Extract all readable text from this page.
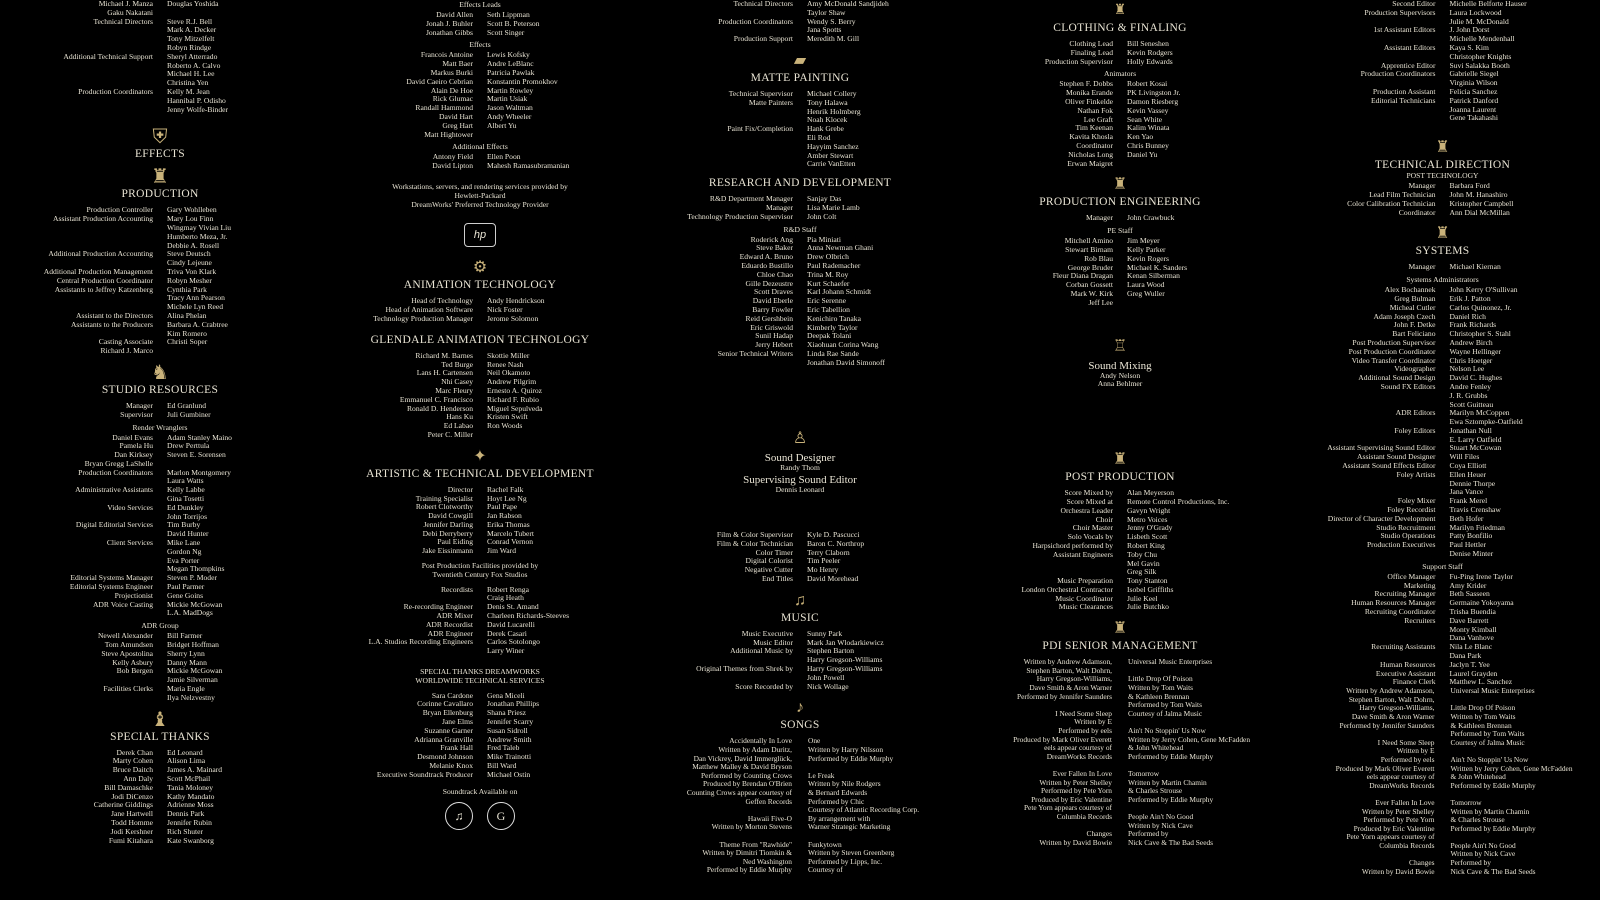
Michael J. Manza	Douglas Yoshida
Gaku Nakatani
Technical Directors	Steve R.J. Bell
Mark A. Decker
Tony Mitzelfelt
Robyn Rindge
Additional Technical Support	Sheryl Atterrado
Roberto A. Calvo
Michael H. Lee
Christina Yen
Production Coordinators	Kelly M. Jean
Hannibal P. Odisho
Jenny Wolfe-Binder
⛨
EFFECTS
♜
PRODUCTION
Production Controller	Gary Wohlleben
Assistant Production Accounting	Mary Lou Finn
Wingmay Vivian Liu
Humberto Meza, Jr.
Debbie A. Rosell
Additional Production Accounting	Steve Deutsch
Cindy Lejeune
Additional Production Management	Triva Von Klark
Central Production Coordinator	Robyn Mesher
Assistants to Jeffrey Katzenberg	Cynthia Park
Tracy Ann Pearson
Michele Lyn Reed
Assistant to the Directors	Alina Phelan
Assistants to the Producers	Barbara A. Crabtree
Kim Romero
Casting Associate	Christi Soper
Richard J. Marco
♞
STUDIO RESOURCES
Manager	Ed Granlund
Supervisor	Juli Gumbiner
Render Wranglers
Daniel Evans	Adam Stanley Maino
Pamela Hu	Drew Perttula
Dan Kirksey	Steven E. Sorensen
Bryan Gregg LaShelle
Production Coordinators	Marlon Montgomery
Laura Watts
Administrative Assistants	Kelly Labbe
Gina Tosetti
Video Services	Ed Dunkley
John Torrijos
Digital Editorial Services	Tim Burby
David Hunter
Client Services	Mike Lane
Gordon Ng
Eva Porter
Megan Thompkins
Editorial Systems Manager	Steven P. Moder
Editorial Systems Engineer	Paul Parmer
Projectionist	Gene Goins
ADR Voice Casting	Mickie McGowan
L.A. MadDogs
ADR Group
Newell Alexander	Bill Farmer
Tom Amundsen	Bridget Hoffman
Steve Apostolina	Sherry Lynn
Kelly Asbury	Danny Mann
Bob Bergen	Mickie McGowan
Jamie Silverman
Facilities Clerks	Maria Engle
Ilya Nelzvestny
♝
SPECIAL THANKS
Derek Chan	Ed Leonard
Marty Cohen	Alison Lima
Bruce Daitch	James A. Mainard
Ann Daly	Scott McPhail
Bill Damaschke	Tania Moloney
Jodi DiCenzo	Kathy Mandato
Catherine Giddings	Adrienne Moss
Jane Hartwell	Dennis Park
Todd Homme	Jennifer Rubin
Jodi Kershner	Rich Shuter
Fumi Kitahara	Kate Swanborg
Effects Leads
David Allen	Seth Lippman
Jonah J. Buhler	Scott B. Peterson
Jonathan Gibbs	Scott Singer
Effects
Francois Antoine	Lewis Kofsky
Matt Baer	Andre LeBlanc
Markus Burki	Patricia Pawlak
David Caeiro Cebrian	Konstantin Promokhov
Alain De Hoe	Martin Rowley
Rick Glumac	Martin Usiak
Randall Hammond	Jason Waltman
David Hart	Andy Wheeler
Greg Hart	Albert Yu
Matt Hightower
Additional Effects
Antony Field	Ellen Poon
David Lipton	Mahesh Ramasubramanian
Workstations, servers, and rendering services provided by
Hewlett-Packard
DreamWorks' Preferred Technology Provider
hp
⚙
ANIMATION TECHNOLOGY
Head of Technology	Andy Hendrickson
Head of Animation Software	Nick Foster
Technology Production Manager	Jerome Solomon
GLENDALE ANIMATION TECHNOLOGY
Richard M. Barnes	Skottie Miller
Ted Burge	Renee Nash
Lans H. Cartensen	Neil Okamoto
Nhi Casey	Andrew Pilgrim
Marc Fleury	Ernesto A. Quiroz
Emmanuel C. Francisco	Richard F. Rubio
Ronald D. Henderson	Miguel Sepulveda
Hans Ku	Kristen Swift
Ed Labao	Ron Woods
Peter C. Miller
✦
ARTISTIC & TECHNICAL DEVELOPMENT
Director	Rachel Falk
Training Specialist	Hoyt Lee Ng
Robert Clotworthy	Paul Pape
David Cowgill	Jan Rabson
Jennifer Darling	Erika Thomas
Debi Derryberry	Marcelo Tubert
Paul Eiding	Conrad Vernon
Jake Eissinmann	Jim Ward
Post Production Facilities provided by
Twentieth Century Fox Studios
Recordists	Robert Renga
Craig Heath
Re-recording Engineer	Denis St. Amand
ADR Mixer	Charleen Richards-Steeves
ADR Recordist	David Lucarelli
ADR Engineer	Derek Casari
L.A. Studios Recording Engineers	Carlos Sotolongo
Larry Winer
SPECIAL THANKS DREAMWORKS
WORLDWIDE TECHNICAL SERVICES
Sara Cardone	Gena Miceli
Corinne Cavallaro	Jonathan Phillips
Bryan Ellenburg	Shana Priesz
Jane Elms	Jennifer Scarry
Suzanne Garner	Susan Sidroll
Adrianna Granville	Andrew Smith
Frank Hall	Fred Taleb
Desmond Johnson	Mike Trainotti
Melanie Knox	Bill Ward
Executive Soundtrack Producer	Michael Ostin
Soundtrack Available on
♫	G
Technical Directors	Amy McDonald Sandjideh
Taylor Shaw
Production Coordinators	Wendy S. Berry
Jana Spotts
Production Support	Meredith M. Gill
▰
MATTE PAINTING
Technical Supervisor	Michael Collery
Matte Painters	Tony Halawa
Henrik Holmberg
Noah Klocek
Paint Fix/Completion	Hank Grebe
Eli Rod
Hayyim Sanchez
Amber Stewart
Carrie VanEtten
RESEARCH AND DEVELOPMENT
R&D Department Manager	Sanjay Das
Manager	Lisa Marie Lamb
Technology Production Supervisor	John Colt
R&D Staff
Roderick Ang	Pia Miniati
Steve Baker	Anna Newman Ghani
Edward A. Bruno	Drew Olbrich
Eduardo Bustillo	Paul Rademacher
Chloe Chao	Trina M. Roy
Gille Dezeustre	Kurt Schaefer
Scott Draves	Karl Johann Schmidt
David Eberle	Eric Serenne
Barry Fowler	Eric Tabellion
Reid Gershbein	Kenichiro Tanaka
Eric Griswold	Kimberly Taylor
Sunil Hadap	Deepak Tolani
Jerry Hebert	Xiaohuan Corina Wang
Senior Technical Writers	Linda Rae Sande
Jonathan David Simonoff
♙
Sound Designer
Randy Thom
Supervising Sound Editor
Dennis Leonard
Film & Color Supervisor	Kyle D. Pascucci
Film & Color Technician	Baron C. Northrop
Color Timer	Terry Claborn
Digital Colorist	Tim Peeler
Negative Cutter	Mo Henry
End Titles	David Morehead
♫
MUSIC
Music Executive	Sunny Park
Music Editor	Mark Jan Wlodarkiewicz
Additional Music by	Stephen Barton
Harry Gregson-Williams
Original Themes from Shrek by	Harry Gregson-Williams
John Powell
Score Recorded by	Nick Wollage
♪
SONGS
Accidentally In Love
Written by Adam Duritz,
Dan Vickrey, David Immerglück,
Matthew Malley & David Bryson
Performed by Counting Crows
Produced by Brendan O'Brien
Counting Crows appear courtesy of
Geffen Records
Hawaii Five-O
Written by Morton Stevens
Theme From "Rawhide"
Written by Dimitri Tiomkin &
Ned Washington
Performed by Eddie Murphy
One
Written by Harry Nilsson
Performed by Eddie Murphy
Le Freak
Written by Nile Rodgers
& Bernard Edwards
Performed by Chic
Courtesy of Atlantic Recording Corp.
By arrangement with
Warner Strategic Marketing
Funkytown
Written by Steven Greenberg
Performed by Lipps, Inc.
Courtesy of
♜
CLOTHING & FINALING
Clothing Lead	Bill Seneshen
Finaling Lead	Kevin Rodgers
Production Supervisor	Holly Edwards
Animators
Stephen F. Dobbs	Robert Kosai
Monika Erande	PK Livingston Jr.
Oliver Finkelde	Damon Riesberg
Nathan Fok	Kevin Vassey
Lee Graft	Sean White
Tim Keenan	Kalim Winata
Kavita Khosla	Ken Yao
Coordinator	Chris Bunney
Nicholas Long	Daniel Yu
Erwan Maigret
♜
PRODUCTION ENGINEERING
Manager	John Crawbuck
PE Staff
Mitchell Amino	Jim Meyer
Stewart Birnam	Kelly Parker
Rob Blau	Kevin Rogers
George Bruder	Michael K. Sanders
Fleur Diana Dragan	Kenan Silberman
Corban Gossett	Laura Wood
Mark W. Kirk	Greg Wuller
Jeff Lee
♖
Sound Mixing
Andy Nelson
Anna Behlmer
♜
POST PRODUCTION
Score Mixed by	Alan Meyerson
Score Mixed at	Remote Control Productions, Inc.
Orchestra Leader	Gavyn Wright
Choir	Metro Voices
Choir Master	Jenny O'Grady
Solo Vocals by	Lisbeth Scott
Harpsichord performed by	Robert King
Assistant Engineers	Toby Chu
Mel Gavin
Greg Silk
Music Preparation	Tony Stanton
London Orchestral Contractor	Isobel Griffiths
Music Coordinator	Julie Keel
Music Clearances	Julie Butchko
♜
PDI SENIOR MANAGEMENT
Written by Andrew Adamson,
Stephen Barton, Walt Dohrn,
Harry Gregson-Williams,
Dave Smith & Aron Warner
Performed by Jennifer Saunders
I Need Some Sleep
Written by E
Performed by eels
Produced by Mark Oliver Everett
eels appear courtesy of
DreamWorks Records
Ever Fallen In Love
Written by Peter Shelley
Performed by Pete Yorn
Produced by Eric Valentine
Pete Yorn appears courtesy of
Columbia Records
Changes
Written by David Bowie
Universal Music Enterprises
Little Drop Of Poison
Written by Tom Waits
& Kathleen Brennan
Performed by Tom Waits
Courtesy of Jalma Music
Ain't No Stoppin' Us Now
Written by Jerry Cohen, Gene McFadden
& John Whitehead
Performed by Eddie Murphy
Tomorrow
Written by Martin Chamin
& Charles Strouse
Performed by Eddie Murphy
People Ain't No Good
Written by Nick Cave
Performed by
Nick Cave & The Bad Seeds
Second Editor	Michelle Belforte Hauser
Production Supervisors	Laura Lockwood
Julie M. McDonald
1st Assistant Editors	J. John Dorst
Michelle Mendenhall
Assistant Editors	Kaya S. Kim
Christopher Knights
Apprentice Editor	Suvi Salakka Booth
Production Coordinators	Gabrielle Siegel
Virginia Wilson
Production Assistant	Felicia Sanchez
Editorial Technicians	Patrick Danford
Joanna Laurent
Gene Takahashi
♜
TECHNICAL DIRECTION
POST TECHNOLOGY
Manager	Barbara Ford
Lead Film Technician	John M. Hanashiro
Color Calibration Technician	Kristopher Campbell
Coordinator	Ann Dial McMillan
♜
SYSTEMS
Manager	Michael Kiernan
Systems Administrators
Alex Bochannek	John Kerry O'Sullivan
Greg Bulman	Erik J. Patton
Micheal Cutler	Carlos Quinonez, Jr.
Adam Joseph Czech	Daniel Rich
John F. Detke	Frank Richards
Bart Feliciano	Christopher S. Stahl
Post Production Supervisor	Andrew Birch
Post Production Coordinator	Wayne Hellinger
Video Transfer Coordinator	Chris Hoetger
Videographer	Nelson Lee
Additional Sound Design	David C. Hughes
Sound FX Editors	Andre Fenley
J. R. Grubbs
Scott Guitteau
ADR Editors	Marilyn McCoppen
Ewa Sztompke-Oatfield
Foley Editors	Jonathan Null
E. Larry Oatfield
Assistant Supervising Sound Editor	Stuart McCowan
Assistant Sound Designer	Will Files
Assistant Sound Effects Editor	Coya Elliott
Foley Artists	Ellen Heuer
Dennie Thorpe
Jana Vance
Foley Mixer	Frank Merel
Foley Recordist	Travis Crenshaw
Director of Character Development	Beth Hofer
Studio Recruitment	Marilyn Friedman
Studio Operations	Patty Bonfilio
Production Executives	Paul Hettler
Denise Minter
Support Staff
Office Manager	Fu-Ping Irene Taylor
Marketing	Amy Krider
Recruiting Manager	Beth Sasseen
Human Resources Manager	Germaine Yokoyama
Recruiting Coordinator	Trisha Buendia
Recruiters	Dave Barrett
Monty Kimball
Dana Vanhove
Recruiting Assistants	Nila Le Blanc
Dana Park
Human Resources	Jaclyn T. Yee
Executive Assistant	Laurel Grayden
Finance Clerk	Matthew L. Sanchez
Written by Andrew Adamson,
Stephen Barton, Walt Dohrn,
Harry Gregson-Williams,
Dave Smith & Aron Warner
Performed by Jennifer Saunders
I Need Some Sleep
Written by E
Performed by eels
Produced by Mark Oliver Everett
eels appear courtesy of
DreamWorks Records
Ever Fallen In Love
Written by Peter Shelley
Performed by Pete Yorn
Produced by Eric Valentine
Pete Yorn appears courtesy of
Columbia Records
Changes
Written by David Bowie
Universal Music Enterprises
Little Drop Of Poison
Written by Tom Waits
& Kathleen Brennan
Performed by Tom Waits
Courtesy of Jalma Music
Ain't No Stoppin' Us Now
Written by Jerry Cohen, Gene McFadden
& John Whitehead
Performed by Eddie Murphy
Tomorrow
Written by Martin Chamin
& Charles Strouse
Performed by Eddie Murphy
People Ain't No Good
Written by Nick Cave
Performed by
Nick Cave & The Bad Seeds
